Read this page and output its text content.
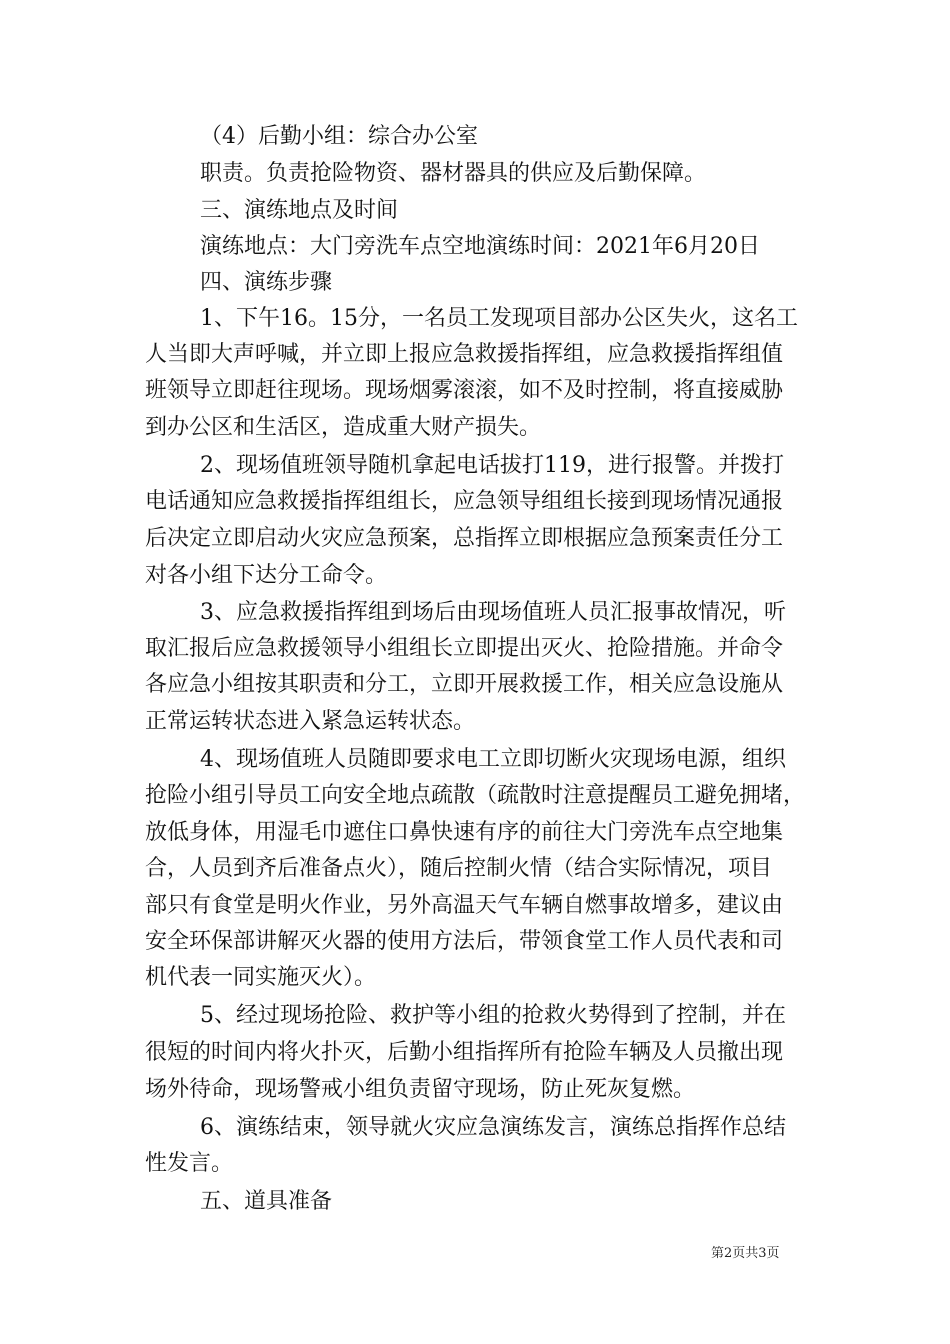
（4）后勤小组：综合办公室
职责。负责抢险物资、器材器具的供应及后勤保障。
三、演练地点及时间
演练地点：大门旁洗车点空地演练时间：2021年6月20日
四、演练步骤
1、下午16。15分，一名员工发现项目部办公区失火，这名工
人当即大声呼喊，并立即上报应急救援指挥组，应急救援指挥组值
班领导立即赶往现场。现场烟雾滚滚，如不及时控制，将直接威胁
到办公区和生活区，造成重大财产损失。
2、现场值班领导随机拿起电话拔打119，进行报警。并拨打
电话通知应急救援指挥组组长，应急领导组组长接到现场情况通报
后决定立即启动火灾应急预案，总指挥立即根据应急预案责任分工
对各小组下达分工命令。
3、应急救援指挥组到场后由现场值班人员汇报事故情况，听
取汇报后应急救援领导小组组长立即提出灭火、抢险措施。并命令
各应急小组按其职责和分工，立即开展救援工作，相关应急设施从
正常运转状态进入紧急运转状态。
4、现场值班人员随即要求电工立即切断火灾现场电源，组织
抢险小组引导员工向安全地点疏散（疏散时注意提醒员工避免拥堵，
放低身体，用湿毛巾遮住口鼻快速有序的前往大门旁洗车点空地集
合，人员到齐后准备点火），随后控制火情（结合实际情况，项目
部只有食堂是明火作业，另外高温天气车辆自燃事故增多，建议由
安全环保部讲解灭火器的使用方法后，带领食堂工作人员代表和司
机代表一同实施灭火）。
5、经过现场抢险、救护等小组的抢救火势得到了控制，并在
很短的时间内将火扑灭，后勤小组指挥所有抢险车辆及人员撤出现
场外待命，现场警戒小组负责留守现场，防止死灰复燃。
6、演练结束，领导就火灾应急演练发言，演练总指挥作总结
性发言。
五、道具准备
第2页共3页
